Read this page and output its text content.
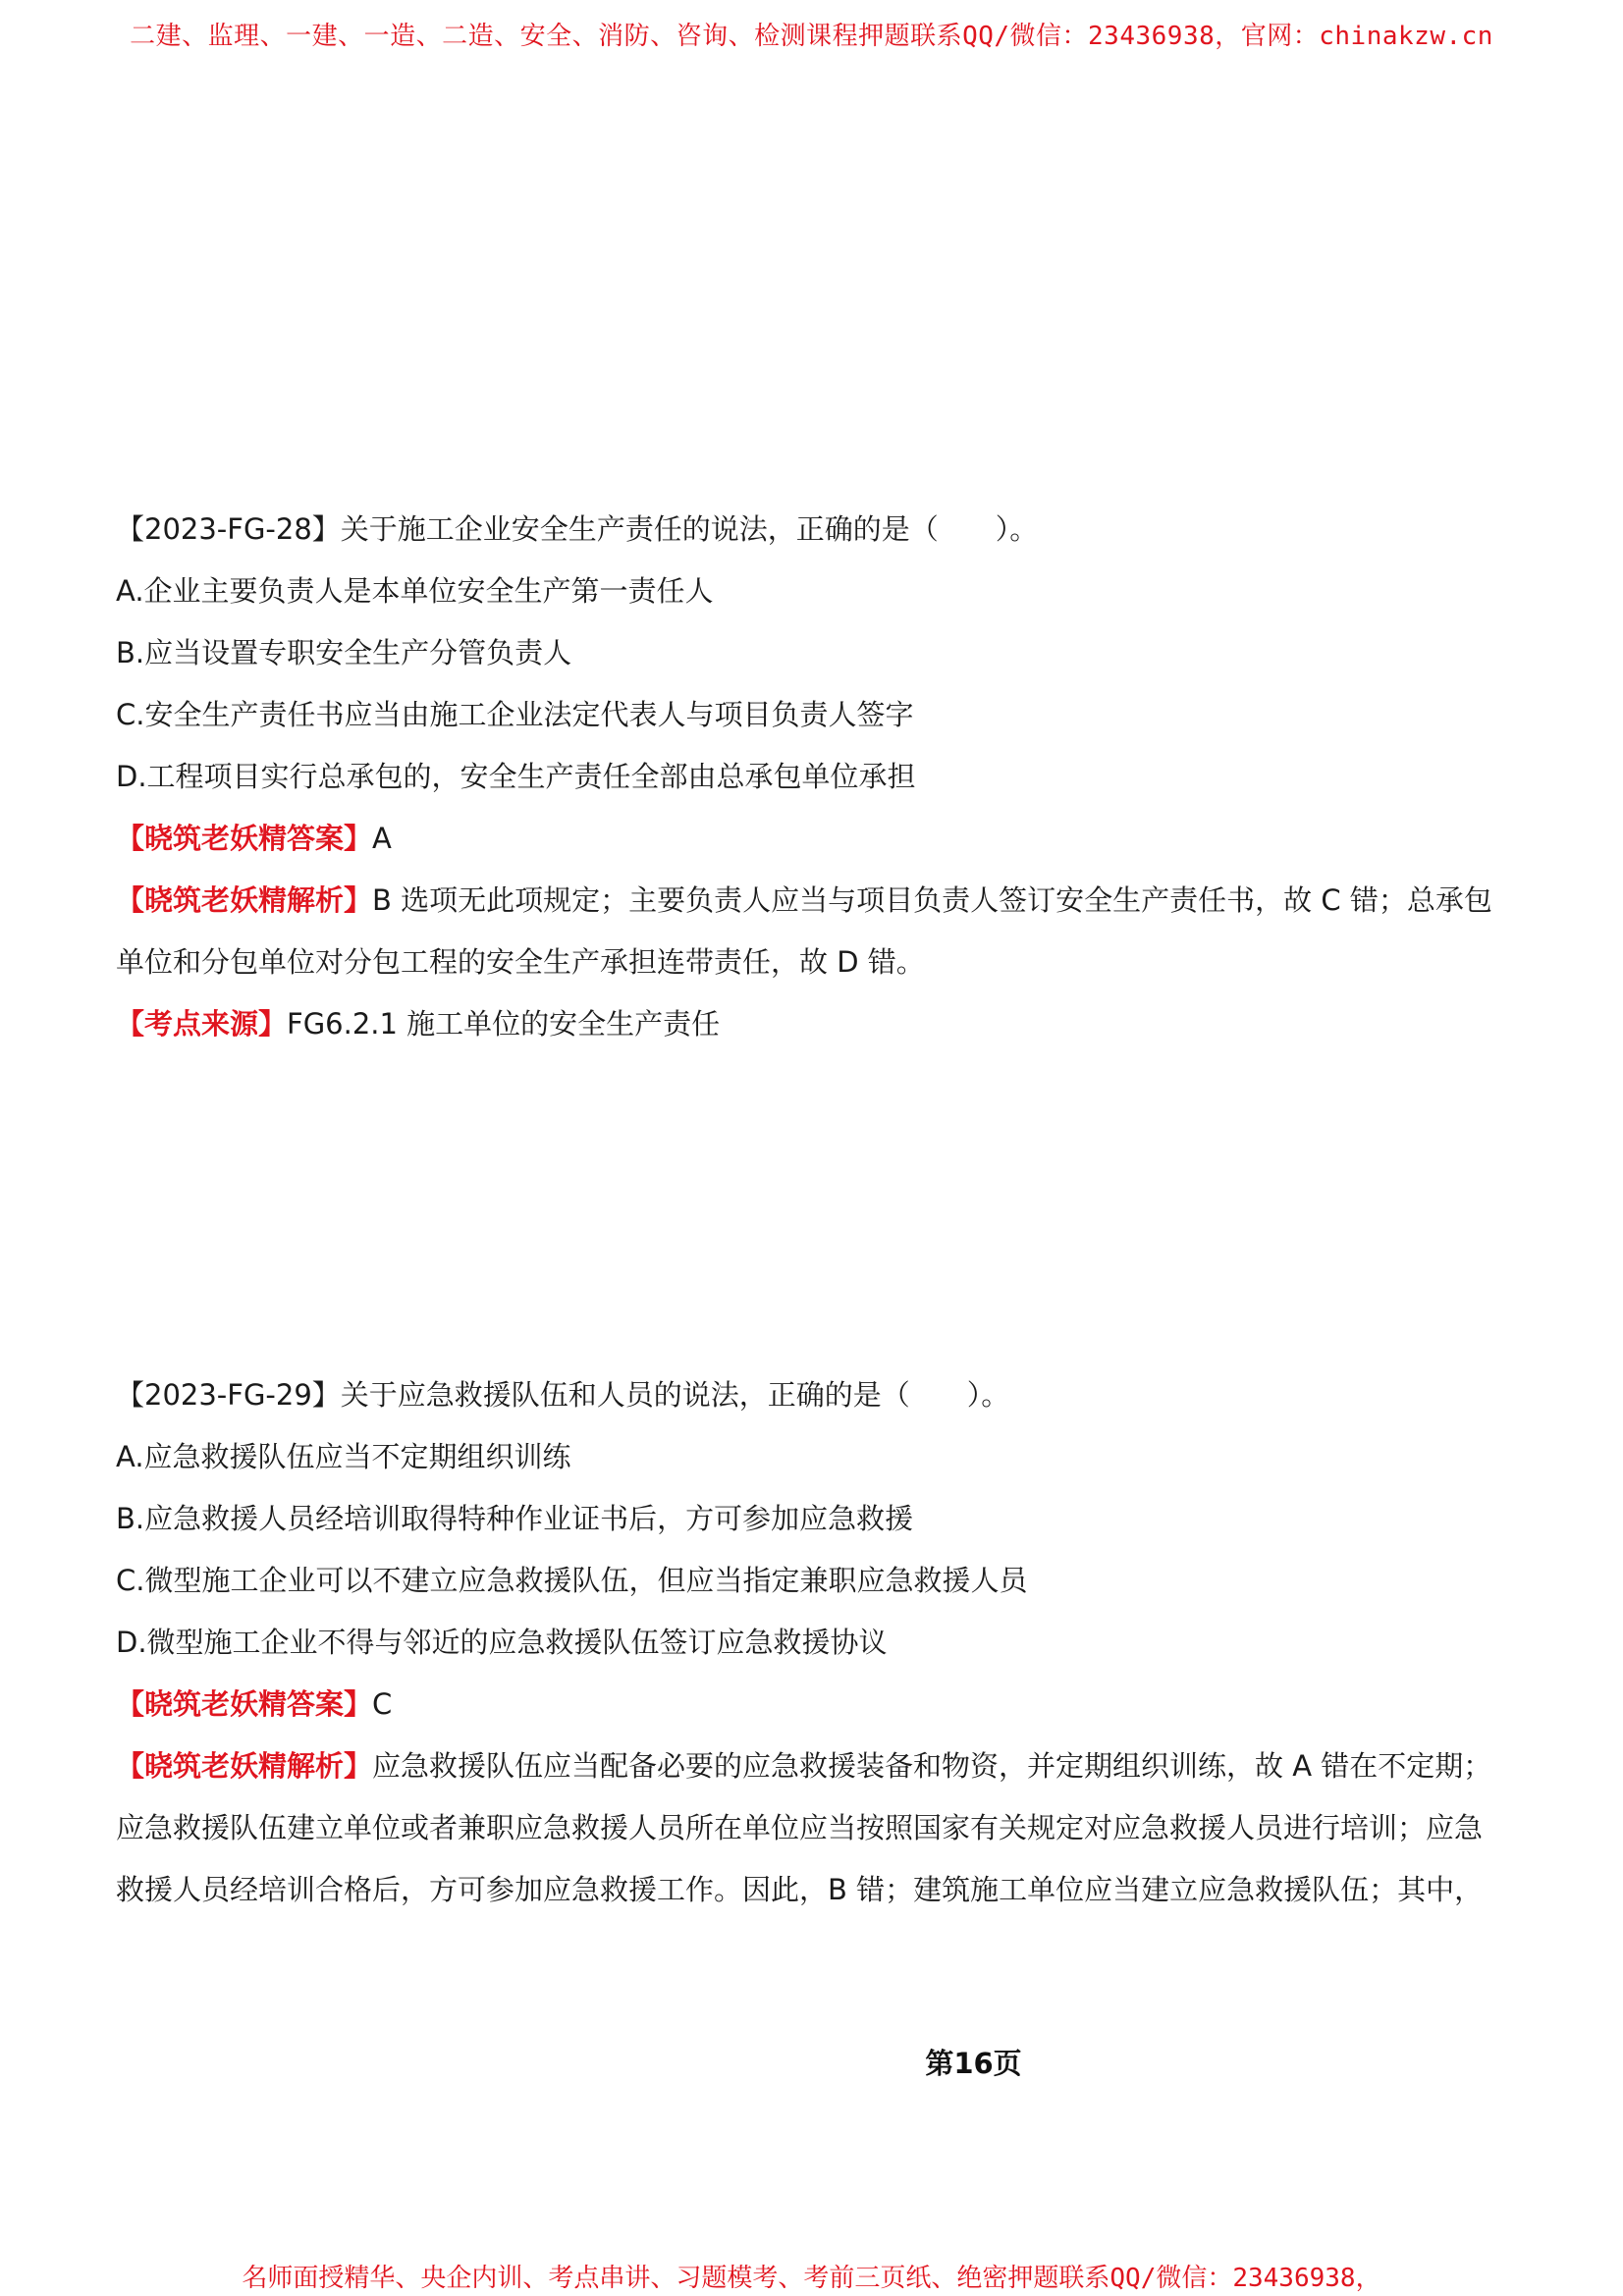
二建、监理、一建、一造、二造、安全、消防、咨询、检测课程押题联系QQ/微信：23436938，官网：chinakzw.cn
【2023-FG-28】关于施工企业安全生产责任的说法，正确的是（　　）。
A.企业主要负责人是本单位安全生产第一责任人
B.应当设置专职安全生产分管负责人
C.安全生产责任书应当由施工企业法定代表人与项目负责人签字
D.工程项目实行总承包的，安全生产责任全部由总承包单位承担
【晓筑老妖精答案】A
【晓筑老妖精解析】B 选项无此项规定；主要负责人应当与项目负责人签订安全生产责任书，故 C 错；总承包单位和分包单位对分包工程的安全生产承担连带责任，故 D 错。
【考点来源】FG6.2.1 施工单位的安全生产责任
【2023-FG-29】关于应急救援队伍和人员的说法，正确的是（　　）。
A.应急救援队伍应当不定期组织训练
B.应急救援人员经培训取得特种作业证书后，方可参加应急救援
C.微型施工企业可以不建立应急救援队伍，但应当指定兼职应急救援人员
D.微型施工企业不得与邻近的应急救援队伍签订应急救援协议
【晓筑老妖精答案】C
【晓筑老妖精解析】应急救援队伍应当配备必要的应急救援装备和物资，并定期组织训练，故 A 错在不定期；应急救援队伍建立单位或者兼职应急救援人员所在单位应当按照国家有关规定对应急救援人员进行培训；应急救援人员经培训合格后，方可参加应急救援工作。因此，B 错；建筑施工单位应当建立应急救援队伍；其中，
第16页
名师面授精华、央企内训、考点串讲、习题模考、考前三页纸、绝密押题联系QQ/微信：23436938，
